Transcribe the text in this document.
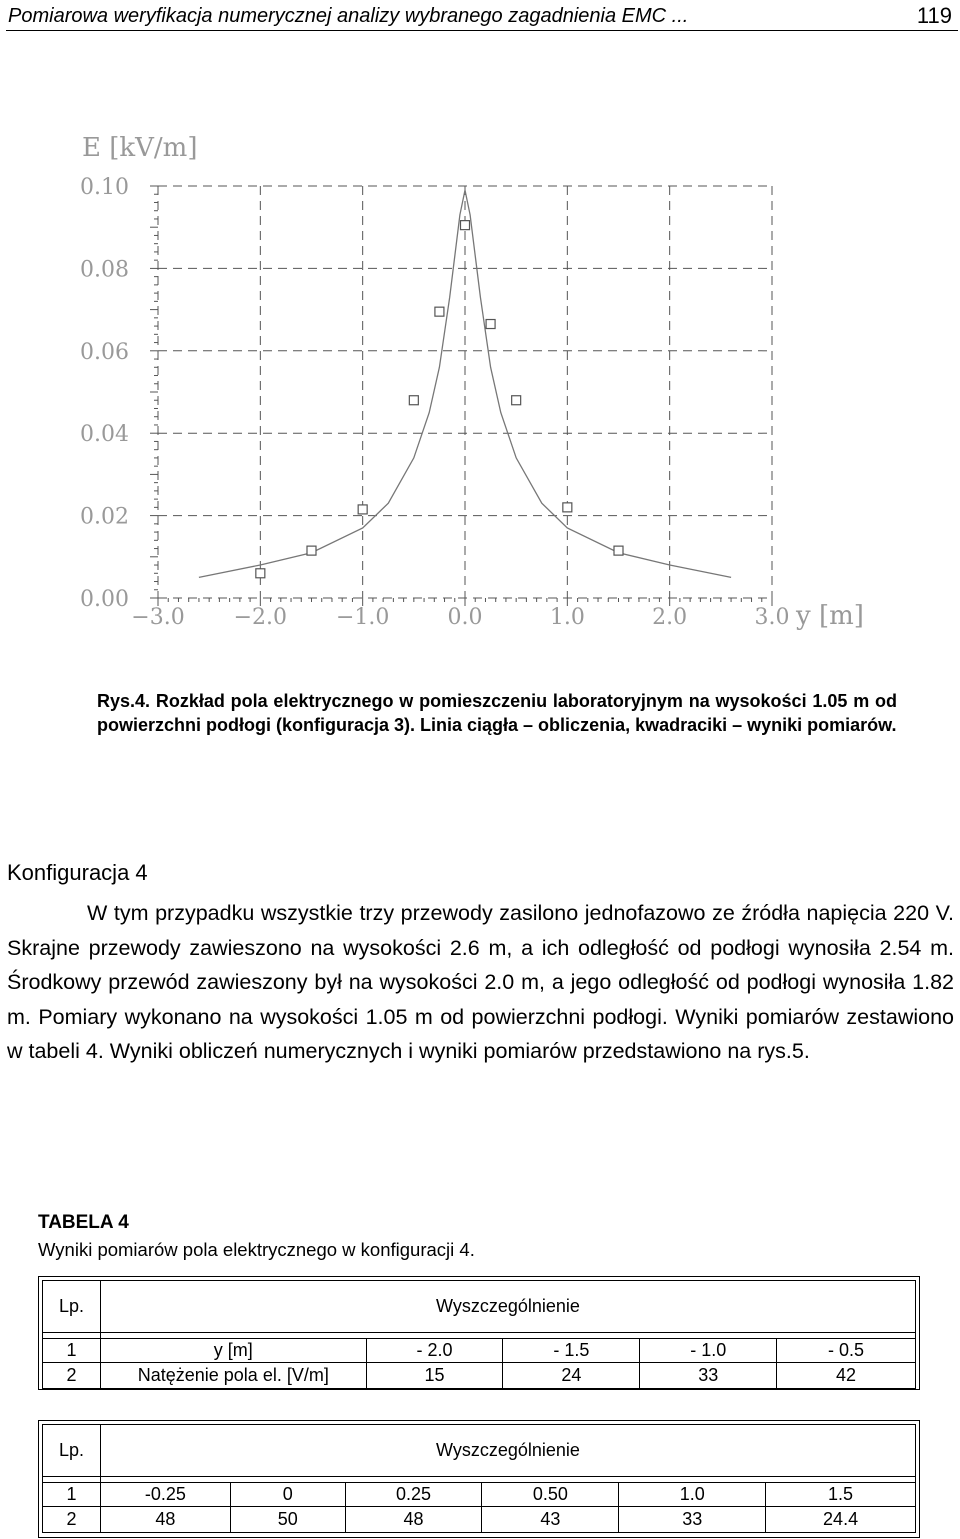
Pomiarowa weryfikacja numerycznej analizy wybranego zagadnienia EMC ...	119
0.00
0.02
0.04
0.06
0.08
0.10
−3.0 −2.0 −1.0	0.0	1.0	2.0	3.0
E [kV/m]
y [m]
Rys.4. Rozkład pola elektrycznego w pomieszczeniu laboratoryjnym na wysokości 1.05 m od powierzchni podłogi (konfiguracja 3). Linia ciągła – obliczenia, kwadraciki – wyniki pomiarów.
Konfiguracja 4
W tym przypadku wszystkie trzy przewody zasilono jednofazowo ze źródła napięcia 220 V. Skrajne przewody zawieszono na wysokości 2.6 m, a ich odległość od podłogi wynosiła 2.54 m. Środkowy przewód zawieszony był na wysokości 2.0 m, a jego odległość od podłogi wynosiła 1.82 m. Pomiary wykonano na wysokości 1.05 m od powierzchni podłogi. Wyniki pomiarów zestawiono w tabeli 4. Wyniki obliczeń numerycznych i wyniki pomiarów przedstawiono na rys.5.
TABELA 4
Wyniki pomiarów pola elektrycznego w konfiguracji 4.
Lp.	Wyszczególnienie				

1	y [m]	- 2.0	- 1.5	- 1.0	- 0.5
2	Natężenie pola el. [V/m]	15	24	33	42
Lp.	Wyszczególnienie					

1	-0.25	0	0.25	0.50	1.0	1.5
2	48	50	48	43	33	24.4
